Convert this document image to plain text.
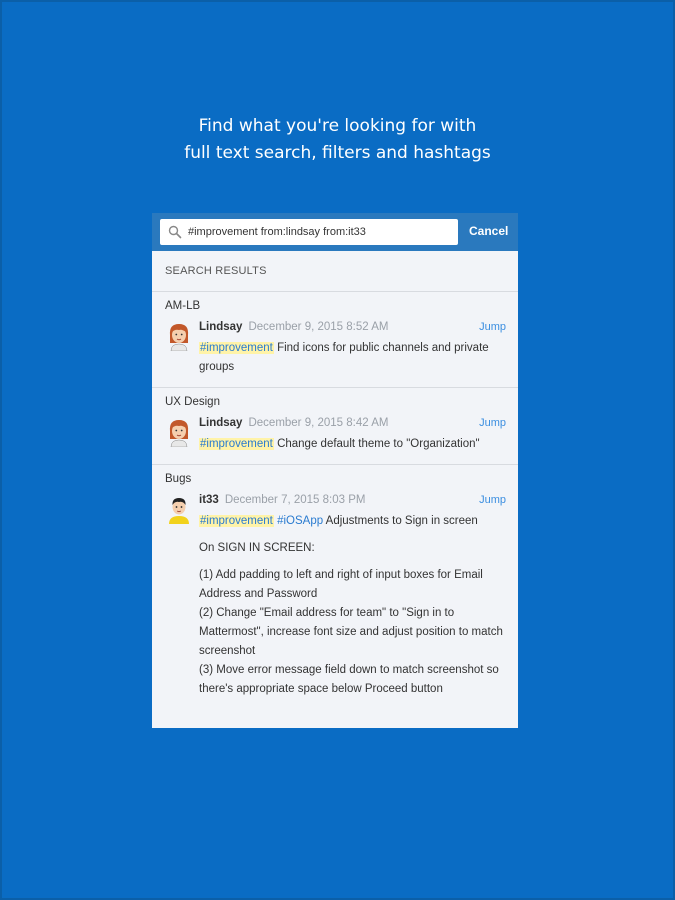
Find what you're looking for with
full text search, filters and hashtags
#improvement from:lindsay from:it33
Cancel
SEARCH RESULTS
AM-LB
Lindsay December 9, 2015 8:52 AM	Jump
#improvement Find icons for public channels and private groups
UX Design
Lindsay December 9, 2015 8:42 AM	Jump
#improvement Change default theme to "Organization"
Bugs
it33 December 7, 2015 8:03 PM	Jump
#improvement #iOSApp Adjustments to Sign in screen
On SIGN IN SCREEN:
(1) Add padding to left and right of input boxes for Email Address and Password
(2) Change "Email address for team" to "Sign in to Mattermost", increase font size and adjust position to match screenshot
(3) Move error message field down to match screenshot so there's appropriate space below Proceed button
